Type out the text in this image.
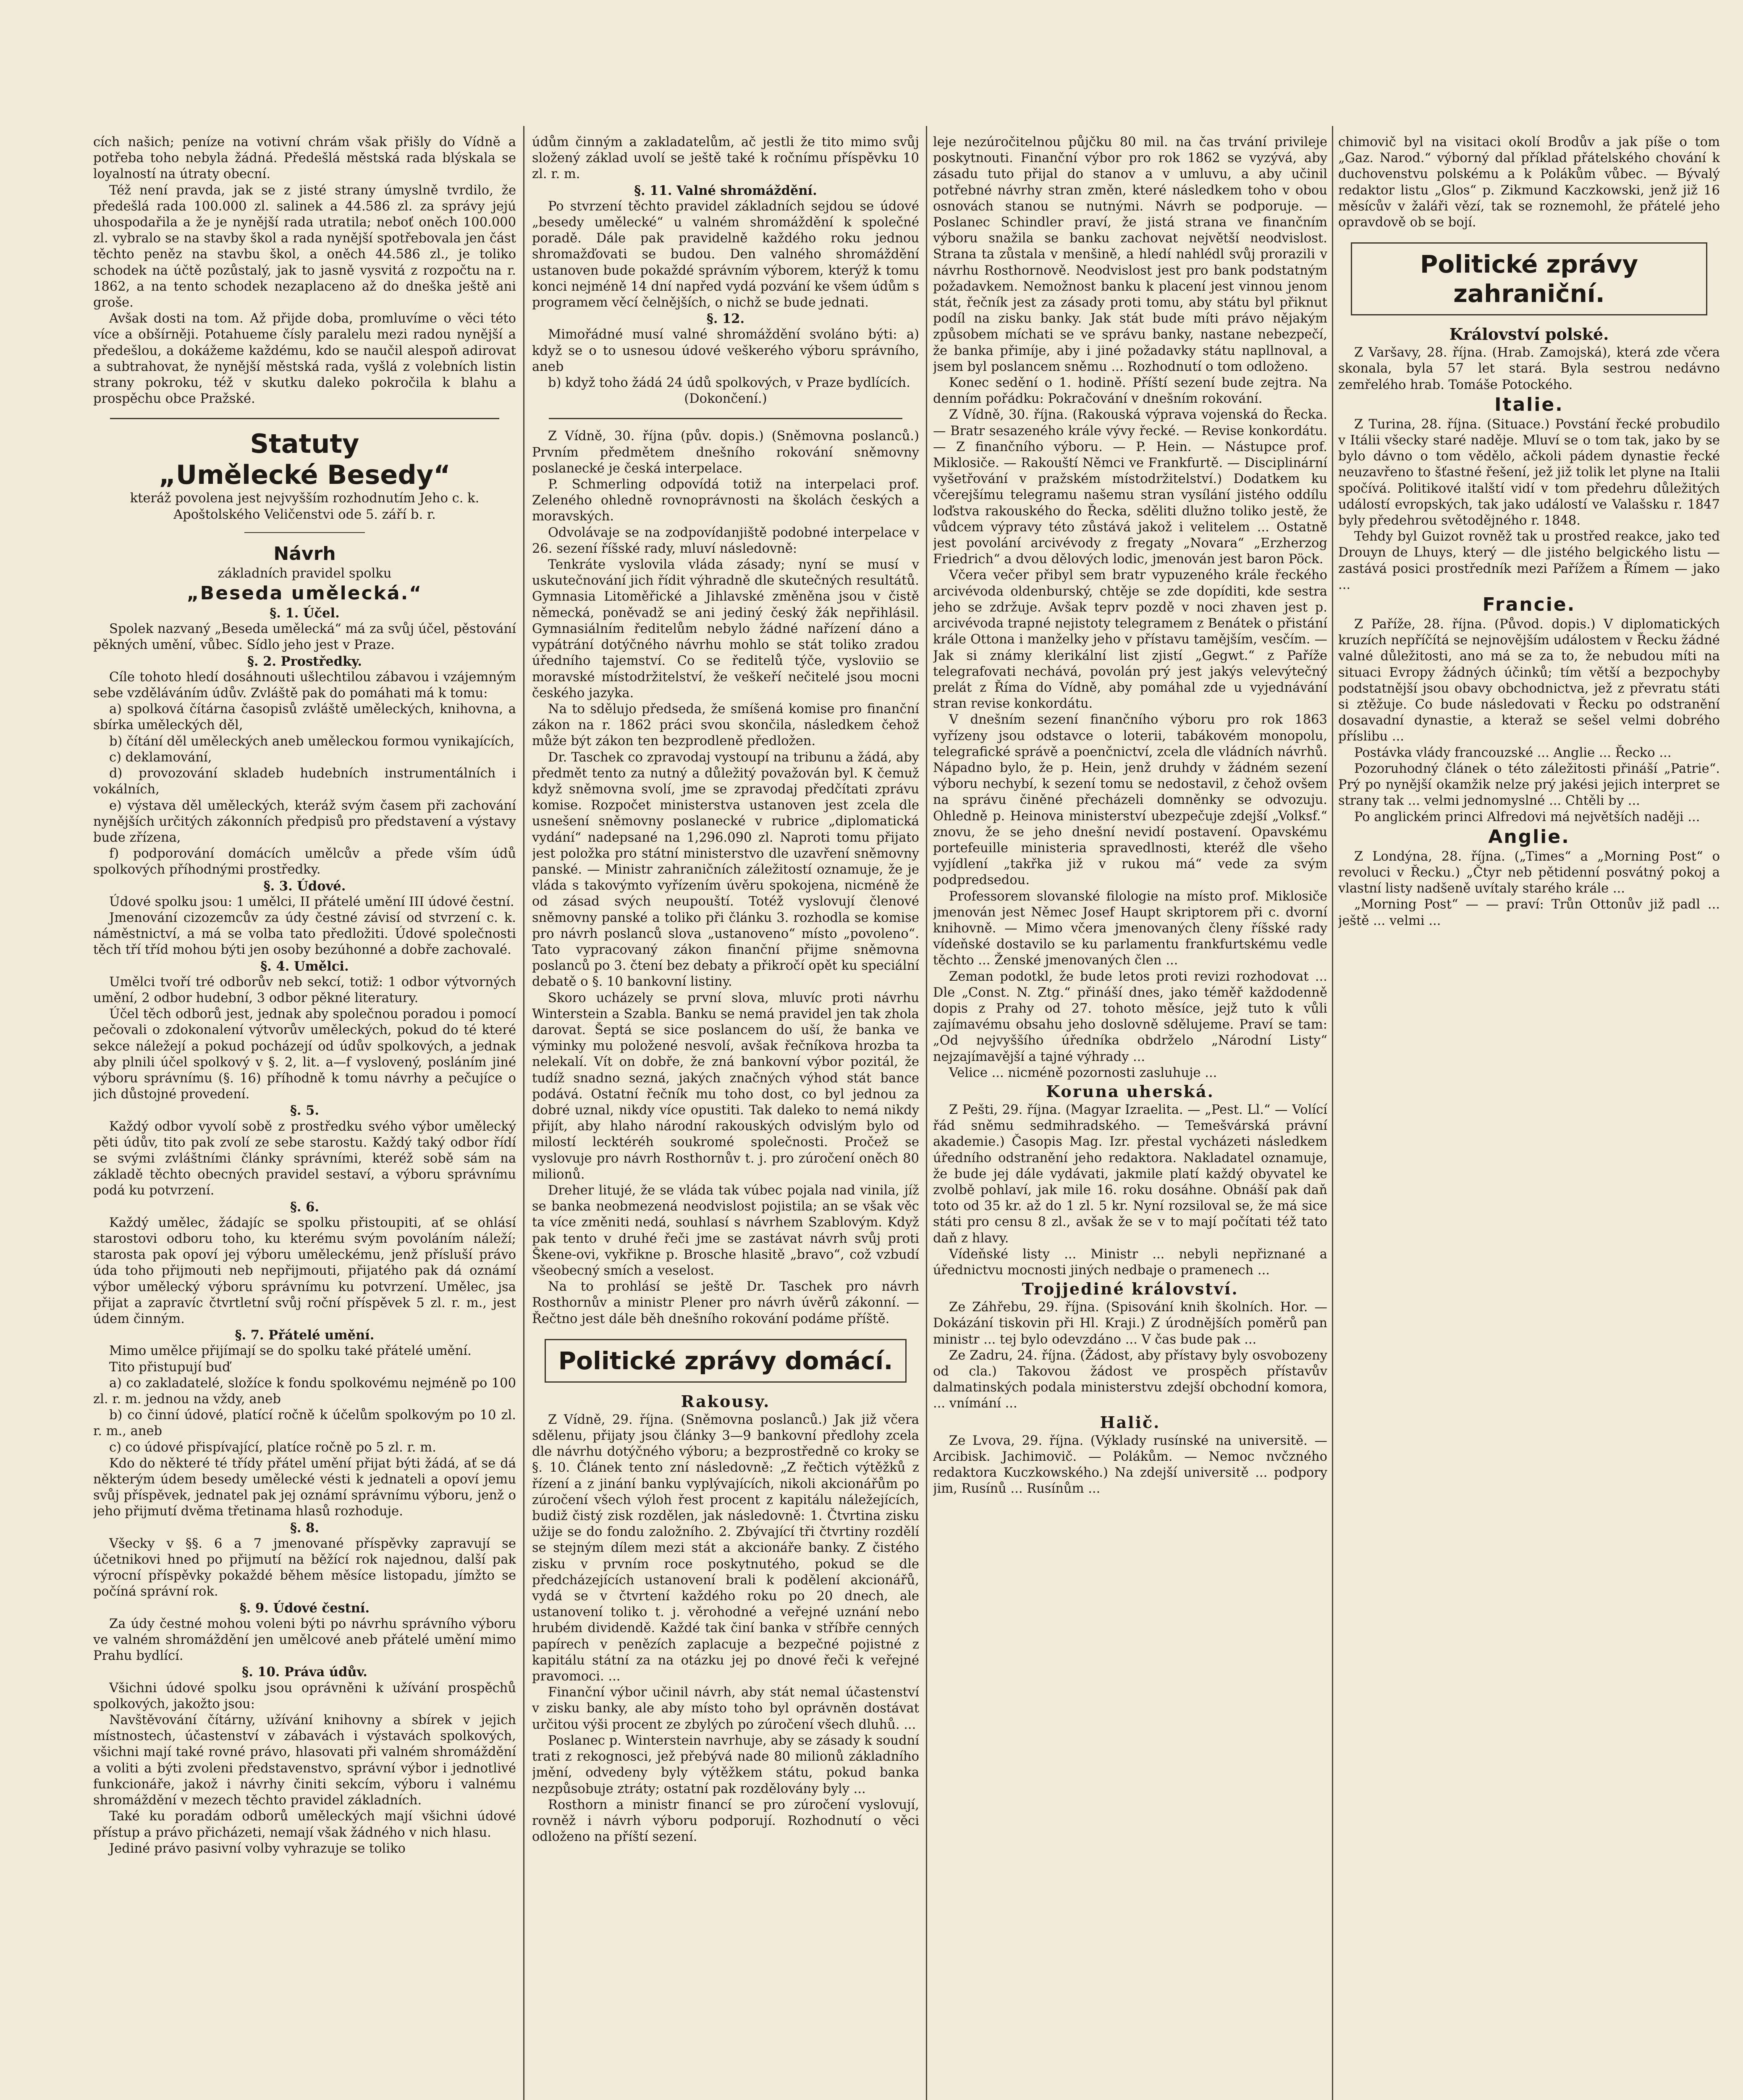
cích našich; peníze na votivní chrám však přišly do Vídně a potřeba toho nebyla žádná. Předešlá městská rada blýskala se loyalností na útraty obecní.

Též není pravda, jak se z jisté strany úmyslně tvrdilo, že předešlá rada 100.000 zl. salinek a 44.586 zl. za správy jejú uhospodařila a že je nynější rada utratila; neboť oněch 100.000 zl. vybralo se na stavby škol a rada nynější spotřebovala jen část těchto peněz na stavbu škol, a oněch 44.586 zl., je toliko schodek na účtě pozůstalý, jak to jasně vysvitá z rozpočtu na r. 1862, a na tento schodek nezaplaceno až do dneška ještě ani groše.

Avšak dosti na tom. Až přijde doba, promluvíme o věci této více a obšírněji. Potahueme čísly paralelu mezi radou nynější a předešlou, a dokážeme každému, kdo se naučil alespoň adirovat a subtrahovat, že nynější městská rada, vyšlá z volebních listin strany pokroku, též v skutku daleko pokročila k blahu a prospěchu obce Pražské.

Statuty
„Umělecké Besedy“

kteráž povolena jest nejvyšším rozhodnutím Jeho c. k. Apoštolského Veličenstvi ode 5. září b. r.

Návrh

základních pravidel spolku

„Beseda umělecká.“

§. 1. Účel.

Spolek nazvaný „Beseda umělecká“ má za svůj účel, pěstování pěkných umění, vůbec. Sídlo jeho jest v Praze.

§. 2. Prostředky.

Cíle tohoto hledí dosáhnouti ušlechtilou zábavou i vzájemným sebe vzděláváním údův. Zvláště pak do pomáhati má k tomu:

a) spolková čítárna časopisů zvláště uměleckých, knihovna, a sbírka uměleckých děl,

b) čítání děl uměleckých aneb uměleckou formou vynikajících,

c) deklamování,

d) provozování skladeb hudebních instrumentálních i vokálních,

e) výstava děl uměleckých, kteráž svým časem při zachování nynějších určitých zákonních předpisů pro představení a výstavy bude zřízena,

f) podporování domácích umělcův a přede vším údů spolkových příhodnými prostředky.

§. 3. Údové.

Údové spolku jsou: 1 umělci, II přátelé umění III údové čestní.

Jmenování cizozemcův za údy čestné závisí od stvrzení c. k. náměstnictví, a má se volba tato předložiti. Údové společnosti těch tří tříd mohou býti jen osoby bezúhonné a dobře zachovalé.

§. 4. Umělci.

Umělci tvoří tré odborův neb sekcí, totiž: 1 odbor výtvorných umění, 2 odbor hudební, 3 odbor pěkné literatury.

Účel těch odborů jest, jednak aby společnou poradou i pomocí pečovali o zdokonalení výtvorův uměleckých, pokud do té které sekce náležejí a pokud pocházejí od údův spolkových, a jednak aby plnili účel spolkový v §. 2, lit. a—f vyslovený, posláním jiné výboru správnímu (§. 16) příhodně k tomu návrhy a pečujíce o jich důstojné provedení.

§. 5.

Každý odbor vyvolí sobě z prostředku svého výbor umělecký pěti údův, tito pak zvolí ze sebe starostu. Každý taký odbor řídí se svými zvláštními články správními, kteréž sobě sám na základě těchto obecných pravidel sestaví, a výboru správnímu podá ku potvrzení.

§. 6.

Každý umělec, žádajíc se spolku přistoupiti, ať se ohlásí starostovi odboru toho, ku kterému svým povoláním náleží; starosta pak opoví jej výboru uměleckému, jenž přísluší právo úda toho přijmouti neb nepřijmouti, přijatého pak dá oznámí výbor umělecký výboru správnímu ku potvrzení. Umělec, jsa přijat a zapravíc čtvrtletní svůj roční příspěvek 5 zl. r. m., jest údem činným.

§. 7. Přátelé umění.

Mimo umělce přijímají se do spolku také přátelé umění.

Tito přistupují buď

a) co zakladatelé, složíce k fondu spolkovému nejméně po 100 zl. r. m. jednou na vždy, aneb

b) co činní údové, platící ročně k účelům spolkovým po 10 zl. r. m., aneb

c) co údové přispívající, platíce ročně po 5 zl. r. m.

Kdo do některé té třídy přátel umění přijat býti žádá, ať se dá některým údem besedy umělecké vésti k jednateli a opoví jemu svůj příspěvek, jednatel pak jej oznámí správnímu výboru, jenž o jeho přijmutí dvěma třetinama hlasů rozhoduje.

§. 8.

Všecky v §§. 6 a 7 jmenované příspěvky zapravují se účetnikovi hned po přijmutí na běžící rok najednou, další pak výrocní příspěvky pokaždé během měsíce listopadu, jímžto se počíná správní rok.

§. 9. Údové čestní.

Za údy čestné mohou voleni býti po návrhu správního výboru ve valném shromáždění jen umělcové aneb přátelé umění mimo Prahu bydlící.

§. 10. Práva údův.

Všichni údové spolku jsou oprávněni k užívání prospěchů spolkových, jakožto jsou:

Navštěvování čítárny, užívání knihovny a sbírek v jejich místnostech, účastenství v zábavách i výstavách spolkových, všichni mají také rovné právo, hlasovati při valném shromáždění a voliti a býti zvoleni představenstvo, správní výbor i jednotlivé funkcionáře, jakož i návrhy činiti sekcím, výboru i valnému shromáždění v mezech těchto pravidel základních.

Také ku poradám odborů uměleckých mají všichni údové přístup a právo přicházeti, nemají však žádného v nich hlasu.

Jediné právo pasivní volby vyhrazuje se toliko

údům činným a zakladatelům, ač jestli že tito mimo svůj složený základ uvolí se ještě také k ročnímu příspěvku 10 zl. r. m.

§. 11. Valné shromáždění.

Po stvrzení těchto pravidel základních sejdou se údové „besedy umělecké“ u valném shromáždění k společné poradě. Dále pak pravidelně každého roku jednou shromažďovati se budou. Den valného shromáždění ustanoven bude pokaždé správním výborem, kterýž k tomu konci nejméně 14 dní napřed vydá pozvání ke všem údům s programem věcí čelnějších, o nichž se bude jednati.

§. 12.

Mimořádné musí valné shromáždění svoláno býti: a) když se o to usnesou údové veškerého výboru správního, aneb

b) když toho žádá 24 údů spolkových, v Praze bydlících.

(Dokončení.)

Z Vídně, 30. října (pův. dopis.) (Sněmovna poslanců.) Prvním předmětem dnešního rokování sněmovny poslanecké je česká interpelace.

P. Schmerling odpovídá totiž na interpelaci prof. Zeleného ohledně rovnoprávnosti na školách českých a moravských.

Odvolávaje se na zodpovídanjiště podobné interpelace v 26. sezení říšské rady, mluví následovně:

Tenkráte vyslovila vláda zásady; nyní se musí v uskutečnování jich řídit výhradně dle skutečných resultátů. Gymnasia Litoměřické a Jihlavské změněna jsou v čistě německá, poněvadž se ani jediný český žák nepřihlásil. Gymnasiálním ředitelům nebylo žádné nařízení dáno a vypátrání dotýčného návrhu mohlo se stát toliko zradou úředního tajemství. Co se ředitelů týče, vysloviio se moravské místodržitelství, že veškeří nečitelé jsou mocni českého jazyka.

Na to sdělujo předseda, že smíšená komise pro finanční zákon na r. 1862 práci svou skončila, následkem čehož může být zákon ten bezprodleně předložen.

Dr. Taschek co zpravodaj vystoupí na tribunu a žádá, aby předmět tento za nutný a důležitý považován byl. K čemuž když sněmovna svolí, jme se zpravodaj předčítati zprávu komise. Rozpočet ministerstva ustanoven jest zcela dle usnešení sněmovny poslanecké v rubrice „diplomatická vydání“ nadepsané na 1,296.090 zl. Naproti tomu přijato jest položka pro státní ministerstvo dle uzavření sněmovny panské. — Ministr zahraničních záležitostí oznamuje, že je vláda s takovýmto vyřízením úvěru spokojena, nicméně že od zásad svých neupouští. Totéž vyslovují členové sněmovny panské a toliko při článku 3. rozhodla se komise pro návrh poslanců slova „ustanoveno“ místo „povoleno“. Tato vypracovaný zákon finanční přijme sněmovna poslanců po 3. čtení bez debaty a přikročí opět ku speciální debatě o §. 10 bankovní listiny.

Skoro ucházely se první slova, mluvíc proti návrhu Winterstein a Szabla. Banku se nemá pravidel jen tak zhola darovat. Šeptá se sice poslancem do uší, že banka ve výminky mu položené nesvolí, avšak řečníkova hrozba ta nelekalí. Vít on dobře, že zná bankovní výbor pozitál, že tudíž snadno sezná, jakých značných výhod stát bance podává. Ostatní řečník mu toho dost, co byl jednou za dobré uznal, nikdy více opustiti. Tak daleko to nemá nikdy přijít, aby hlaho národní rakouských odvislým bylo od milostí lecktéréh soukromé společnosti. Pročež se vyslovuje pro návrh Rosthornův t. j. pro zúročení oněch 80 milionů.

Dreher litujé, že se vláda tak vúbec pojala nad vinila, jíž se banka neobmezená neodvislost pojistila; an se však věc ta více změniti nedá, souhlasí s návrhem Szablovým. Když pak tento v druhé řeči jme se zastávat návrh svůj proti Škene-ovi, vykřikne p. Brosche hlasitě „bravo“, což vzbudí všeobecný smích a veselost.

Na to prohlásí se ještě Dr. Taschek pro návrh Rosthornův a ministr Plener pro návrh úvěrů zákonní. — Řečtno jest dále běh dnešního rokování podáme příště.

Politické zprávy domácí.
Rakousy.

Z Vídně, 29. října. (Sněmovna poslanců.) Jak již včera sdělenu, přijaty jsou články 3—9 bankovní předlohy zcela dle návrhu dotýčného výboru; a bezprostředně co kroky se §. 10. Článek tento zní následovně: „Z řečtich výtěžků z řízení a z jinání banku vyplývajících, nikoli akcionářům po zúročení všech výloh řest procent z kapitálu náležejících, budiž čistý zisk rozdělen, jak následovně: 1. Čtvrtina zisku užije se do fondu založního. 2. Zbývající tři čtvrtiny rozdělí se stejným dílem mezi stát a akcionáře banky. Z čistého zisku v prvním roce poskytnutého, pokud se dle předcházejících ustanovení brali k podělení akcionářů, vydá se v čtvrtení každého roku po 20 dnech, ale ustanovení toliko t. j. věrohodné a veřejné uznání nebo hrubém dividendě. Každé tak činí banka v stříbře cenných papírech v penězích zaplacuje a bezpečné pojistné z kapitálu státní za na otázku jej po dnové řeči k veřejné pravomoci. ...

Finanční výbor učinil návrh, aby stát nemal účastenství v zisku banky, ale aby místo toho byl oprávněn dostávat určitou výši procent ze zbylých po zúročení všech dluhů. ...

Poslanec p. Winterstein navrhuje, aby se zásady k soudní trati z rekognosci, jež přebývá nade 80 milionů základního jmění, odvedeny byly výtěžkem státu, pokud banka nezpůsobuje ztráty; ostatní pak rozdělovány byly ...

Rosthorn a ministr financí se pro zúročení vyslovují, rovněž i návrh výboru podporují. Rozhodnutí o věci odloženo na příští sezení.

leje nezúročitelnou půjčku 80 mil. na čas trvání privileje poskytnouti. Finanční výbor pro rok 1862 se vyzývá, aby zásadu tuto přijal do stanov a v umluvu, a aby učinil potřebné návrhy stran změn, které následkem toho v obou osnovách stanou se nutnými. Návrh se podporuje. — Poslanec Schindler praví, že jistá strana ve finančním výboru snažila se banku zachovat největší neodvislost. Strana ta zůstala v menšině, a hledí nahlédl svůj prorazili v návrhu Rosthornově. Neodvislost jest pro bank podstatným požadavkem. Nemožnost banku k placení jest vinnou jenom stát, řečník jest za zásady proti tomu, aby státu byl přiknut podíl na zisku banky. Jak stát bude míti právo nějakým způsobem míchati se ve správu banky, nastane nebezpečí, že banka přimíje, aby i jiné požadavky státu napllnoval, a jsem byl poslancem sněmu ... Rozhodnutí o tom odloženo.

Konec sedění o 1. hodině. Příští sezení bude zejtra. Na denním pořádku: Pokračování v dnešním rokování.

Z Vídně, 30. října. (Rakouská výprava vojenská do Řecka. — Bratr sesazeného krále vývy řecké. — Revise konkordátu. — Z finančního výboru. — P. Hein. — Nástupce prof. Miklosiče. — Rakouští Němci ve Frankfurtě. — Disciplinární vyšetřování v pražském místodržitelství.) Dodatkem ku včerejšímu telegramu našemu stran vysílání jistého oddílu loďstva rakouského do Řecka, sděliti dlužno toliko jestě, že vůdcem výpravy této zůstává jakož i velitelem ... Ostatně jest povolání arcivévody z fregaty „Novara“ „Erzherzog Friedrich“ a dvou dělových lodic, jmenován jest baron Pöck.

Včera večer přibyl sem bratr vypuzeného krále řeckého arcivévoda oldenburský, chtěje se zde dopíditi, kde sestra jeho se zdržuje. Avšak teprv pozdě v noci zhaven jest p. arcivévoda trapné nejistoty telegramem z Benátek o přistání krále Ottona i manželky jeho v přístavu tamějším, vesčím. — Jak si známy klerikální list zjistí „Gegwt.“ z Paříže telegrafovati nechává, povolán prý jest jakýs velevýtečný prelát z Říma do Vídně, aby pomáhal zde u vyjednávání stran revise konkordátu.

V dnešním sezení finančního výboru pro rok 1863 vyřízeny jsou odstavce o loterii, tabákovém monopolu, telegrafické správě a poenčnictví, zcela dle vládních návrhů. Nápadno bylo, že p. Hein, jenž druhdy v žádném sezení výboru nechybí, k sezení tomu se nedostavil, z čehož ovšem na správu činěné přecházeli domněnky se odvozuju. Ohledně p. Heinova ministerství ubezpečuje zdejší „Volksf.“ znovu, že se jeho dnešní nevidí postavení. Opavskému portefeuille ministeria spravedlnosti, kteréž dle všeho vyjídlení „takřka již v rukou má“ vede za svým podpredsedou.

Professorem slovanské filologie na místo prof. Miklosiče jmenován jest Němec Josef Haupt skriptorem při c. dvorní knihovně. — Mimo včera jmenovaných členy říšské rady vídeňské dostavilo se ku parlamentu frankfurtskému vedle těchto ... Ženské jmenovaných člen ...

Zeman podotkl, že bude letos proti revizi rozhodovat ... Dle „Const. N. Ztg.“ přináší dnes, jako téměř každodenně dopis z Prahy od 27. tohoto měsíce, jejž tuto k vůli zajímavému obsahu jeho doslovně sdělujeme. Praví se tam: „Od nejvyššího úředníka obdrželo „Národní Listy“ nejzajímavější a tajné výhrady ...

Velice ... nicméně pozornosti zasluhuje ...

Koruna uherská.

Z Pešti, 29. října. (Magyar Izraelita. — „Pest. Ll.“ — Volící řád sněmu sedmihradského. — Temešvárská právní akademie.) Časopis Mag. Izr. přestal vycházeti následkem úředního odstranění jeho redaktora. Nakladatel oznamuje, že bude jej dále vydávati, jakmile platí každý obyvatel ke zvolbě pohlaví, jak mile 16. roku dosáhne. Obnáší pak daň toto od 35 kr. až do 1 zl. 5 kr. Nyní rozsiloval se, že má sice státi pro censu 8 zl., avšak že se v to mají počítati též tato daň z hlavy.

Vídeňské listy ... Ministr ... nebyli nepřiznané a úřednictvu mocnosti jiných nedbaje o pramenech ...

Trojjediné království.

Ze Záhřebu, 29. října. (Spisování knih školních. Hor. — Dokázání tiskovin při Hl. Kraji.) Z úrodnějších poměrů pan ministr ... tej bylo odevzdáno ... V čas bude pak ...

Ze Zadru, 24. října. (Žádost, aby přístavy byly osvobozeny od cla.) Takovou žádost ve prospěch přístavův dalmatinských podala ministerstvu zdejší obchodní komora, ... vnímání ...

Halič.

Ze Lvova, 29. října. (Výklady rusínské na universitě. — Arcibisk. Jachimovič. — Polákům. — Nemoc nvčzného redaktora Kuczkowského.) Na zdejší universitě ... podpory jim, Rusínů ... Rusínům ...

chimovič byl na visitaci okolí Brodův a jak píše o tom „Gaz. Narod.“ výborný dal příklad přátelského chování k duchovenstvu polskému a k Polákům vůbec. — Bývalý redaktor listu „Glos“ p. Zikmund Kaczkowski, jenž již 16 měsícův v žaláři vězí, tak se roznemohl, že přátelé jeho opravdově ob se bojí.

Politické zprávy zahraniční.
Království polské.

Z Varšavy, 28. října. (Hrab. Zamojská), která zde včera skonala, byla 57 let stará. Byla sestrou nedávno zemřelého hrab. Tomáše Potockého.

Italie.

Z Turina, 28. října. (Situace.) Povstání řecké probudilo v Itálii všecky staré naděje. Mluví se o tom tak, jako by se bylo dávno o tom vědělo, ačkoli pádem dynastie řecké neuzavřeno to šťastné řešení, jež již tolik let plyne na Italii spočívá. Politikové italští vidí v tom předehru důležitých událostí evropských, tak jako událostí ve Valašsku r. 1847 byly předehrou světodějného r. 1848.

Tehdy byl Guizot rovněž tak u prostřed reakce, jako teď Drouyn de Lhuys, který — dle jistého belgického listu — zastává posici prostředník mezi Pařížem a Římem — jako ...

Francie.

Z Paříže, 28. října. (Původ. dopis.) V diplomatických kruzích nepříčítá se nejnovějším událostem v Řecku žádné valné důležitosti, ano má se za to, že nebudou míti na situaci Evropy žádných účinků; tím větší a bezpochyby podstatnější jsou obavy obchodnictva, jež z převratu státi si ztěžuje. Co bude následovati v Řecku po odstranění dosavadní dynastie, a kteraž se sešel velmi dobrého příslibu ...

Postávka vlády francouzské ... Anglie ... Řecko ...

Pozoruhodný článek o této záležitosti přináší „Patrie“. Prý po nynější okamžik nelze prý jakési jejich interpret se strany tak ... velmi jednomyslné ... Chtěli by ...

Po anglickém princi Alfredovi má největších naději ...

Anglie.

Z Londýna, 28. října. („Times“ a „Morning Post“ o revoluci v Řecku.) „Čtyr neb pětidenní posvátný pokoj a vlastní listy nadšeně uvítaly starého krále ...

„Morning Post“ — — praví: Trůn Ottonův již padl ... ještě ... velmi ...
